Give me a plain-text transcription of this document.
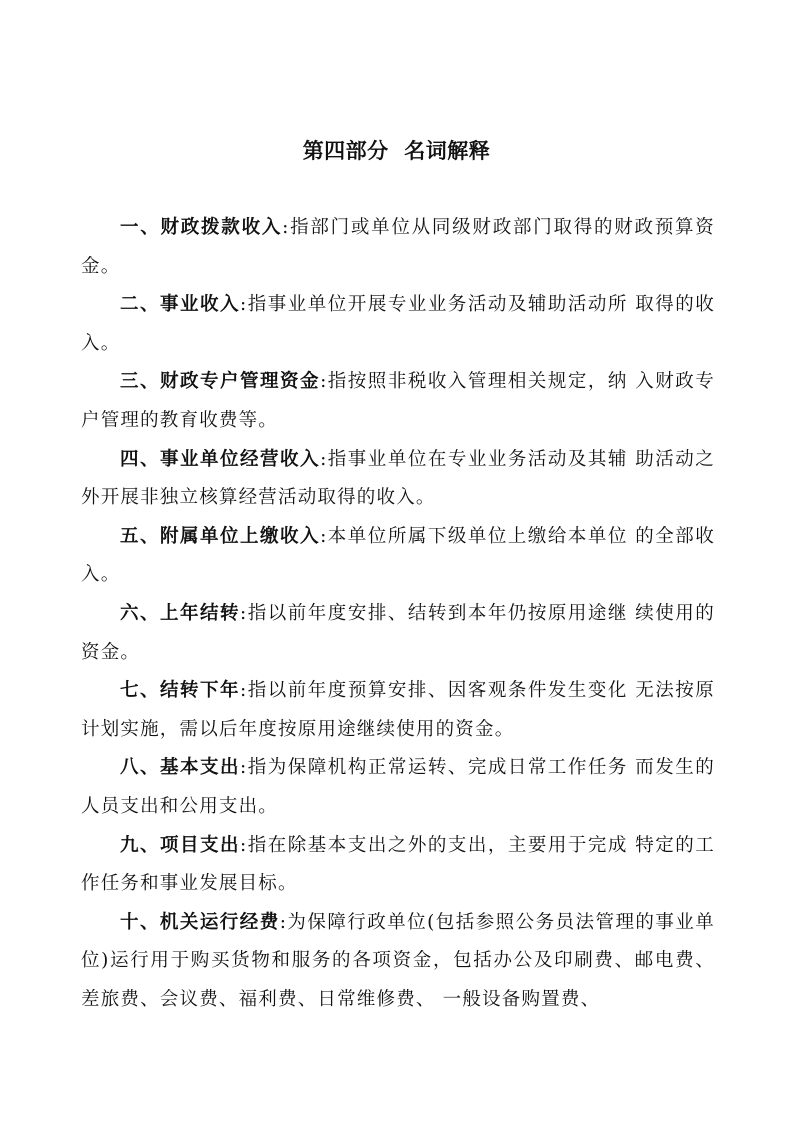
第四部分  名词解释

一、财政拨款收入:指部门或单位从同级财政部门取得的财政预算资金。

二、事业收入:指事业单位开展专业业务活动及辅助活动所 取得的收入。

三、财政专户管理资金:指按照非税收入管理相关规定，纳 入财政专户管理的教育收费等。

四、事业单位经营收入:指事业单位在专业业务活动及其辅 助活动之外开展非独立核算经营活动取得的收入。

五、附属单位上缴收入:本单位所属下级单位上缴给本单位 的全部收入。

六、上年结转:指以前年度安排、结转到本年仍按原用途继 续使用的资金。

七、结转下年:指以前年度预算安排、因客观条件发生变化 无法按原计划实施，需以后年度按原用途继续使用的资金。

八、基本支出:指为保障机构正常运转、完成日常工作任务 而发生的人员支出和公用支出。

九、项目支出:指在除基本支出之外的支出，主要用于完成 特定的工作任务和事业发展目标。

十、机关运行经费:为保障行政单位(包括参照公务员法管理的事业单位)运行用于购买货物和服务的各项资金，包括办公及印刷费、邮电费、差旅费、会议费、福利费、日常维修费、 一般设备购置费、
